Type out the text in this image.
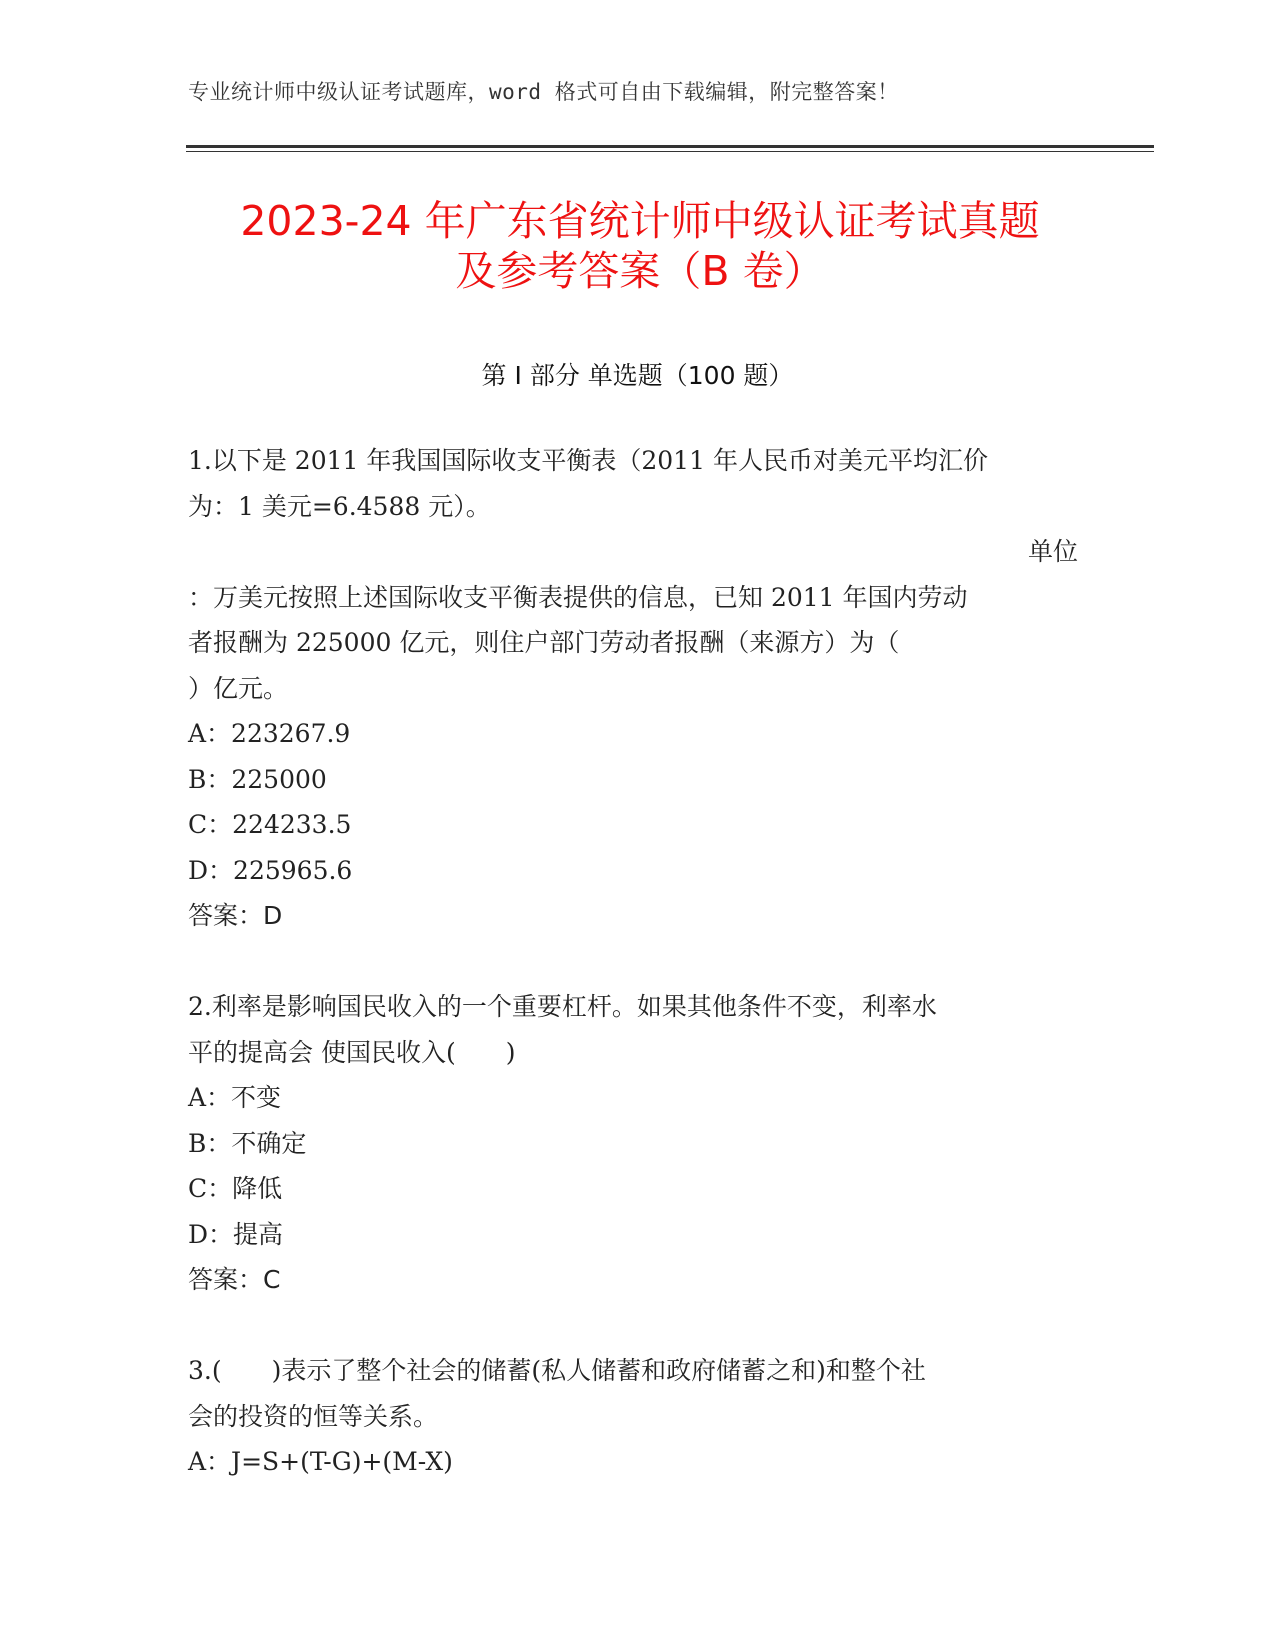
专业统计师中级认证考试题库，word 格式可自由下载编辑，附完整答案！
2023-24 年广东省统计师中级认证考试真题
及参考答案（B 卷）
第 I 部分 单选题（100 题）

1.以下是 2011 年我国国际收支平衡表（2011 年人民币对美元平均汇价

为：1 美元=6.4588 元）。

单位

：万美元按照上述国际收支平衡表提供的信息，已知 2011 年国内劳动

者报酬为 225000 亿元，则住户部门劳动者报酬（来源方）为（

）亿元。

A：223267.9

B：225000

C：224233.5

D：225965.6

答案：D

2.利率是影响国民收入的一个重要杠杆。如果其他条件不变，利率水

平的提高会 使国民收入(　　)

A：不变

B：不确定

C：降低

D：提高

答案：C

3.(　　)表示了整个社会的储蓄(私人储蓄和政府储蓄之和)和整个社

会的投资的恒等关系。

A：J=S+(T-G)+(M-X)
